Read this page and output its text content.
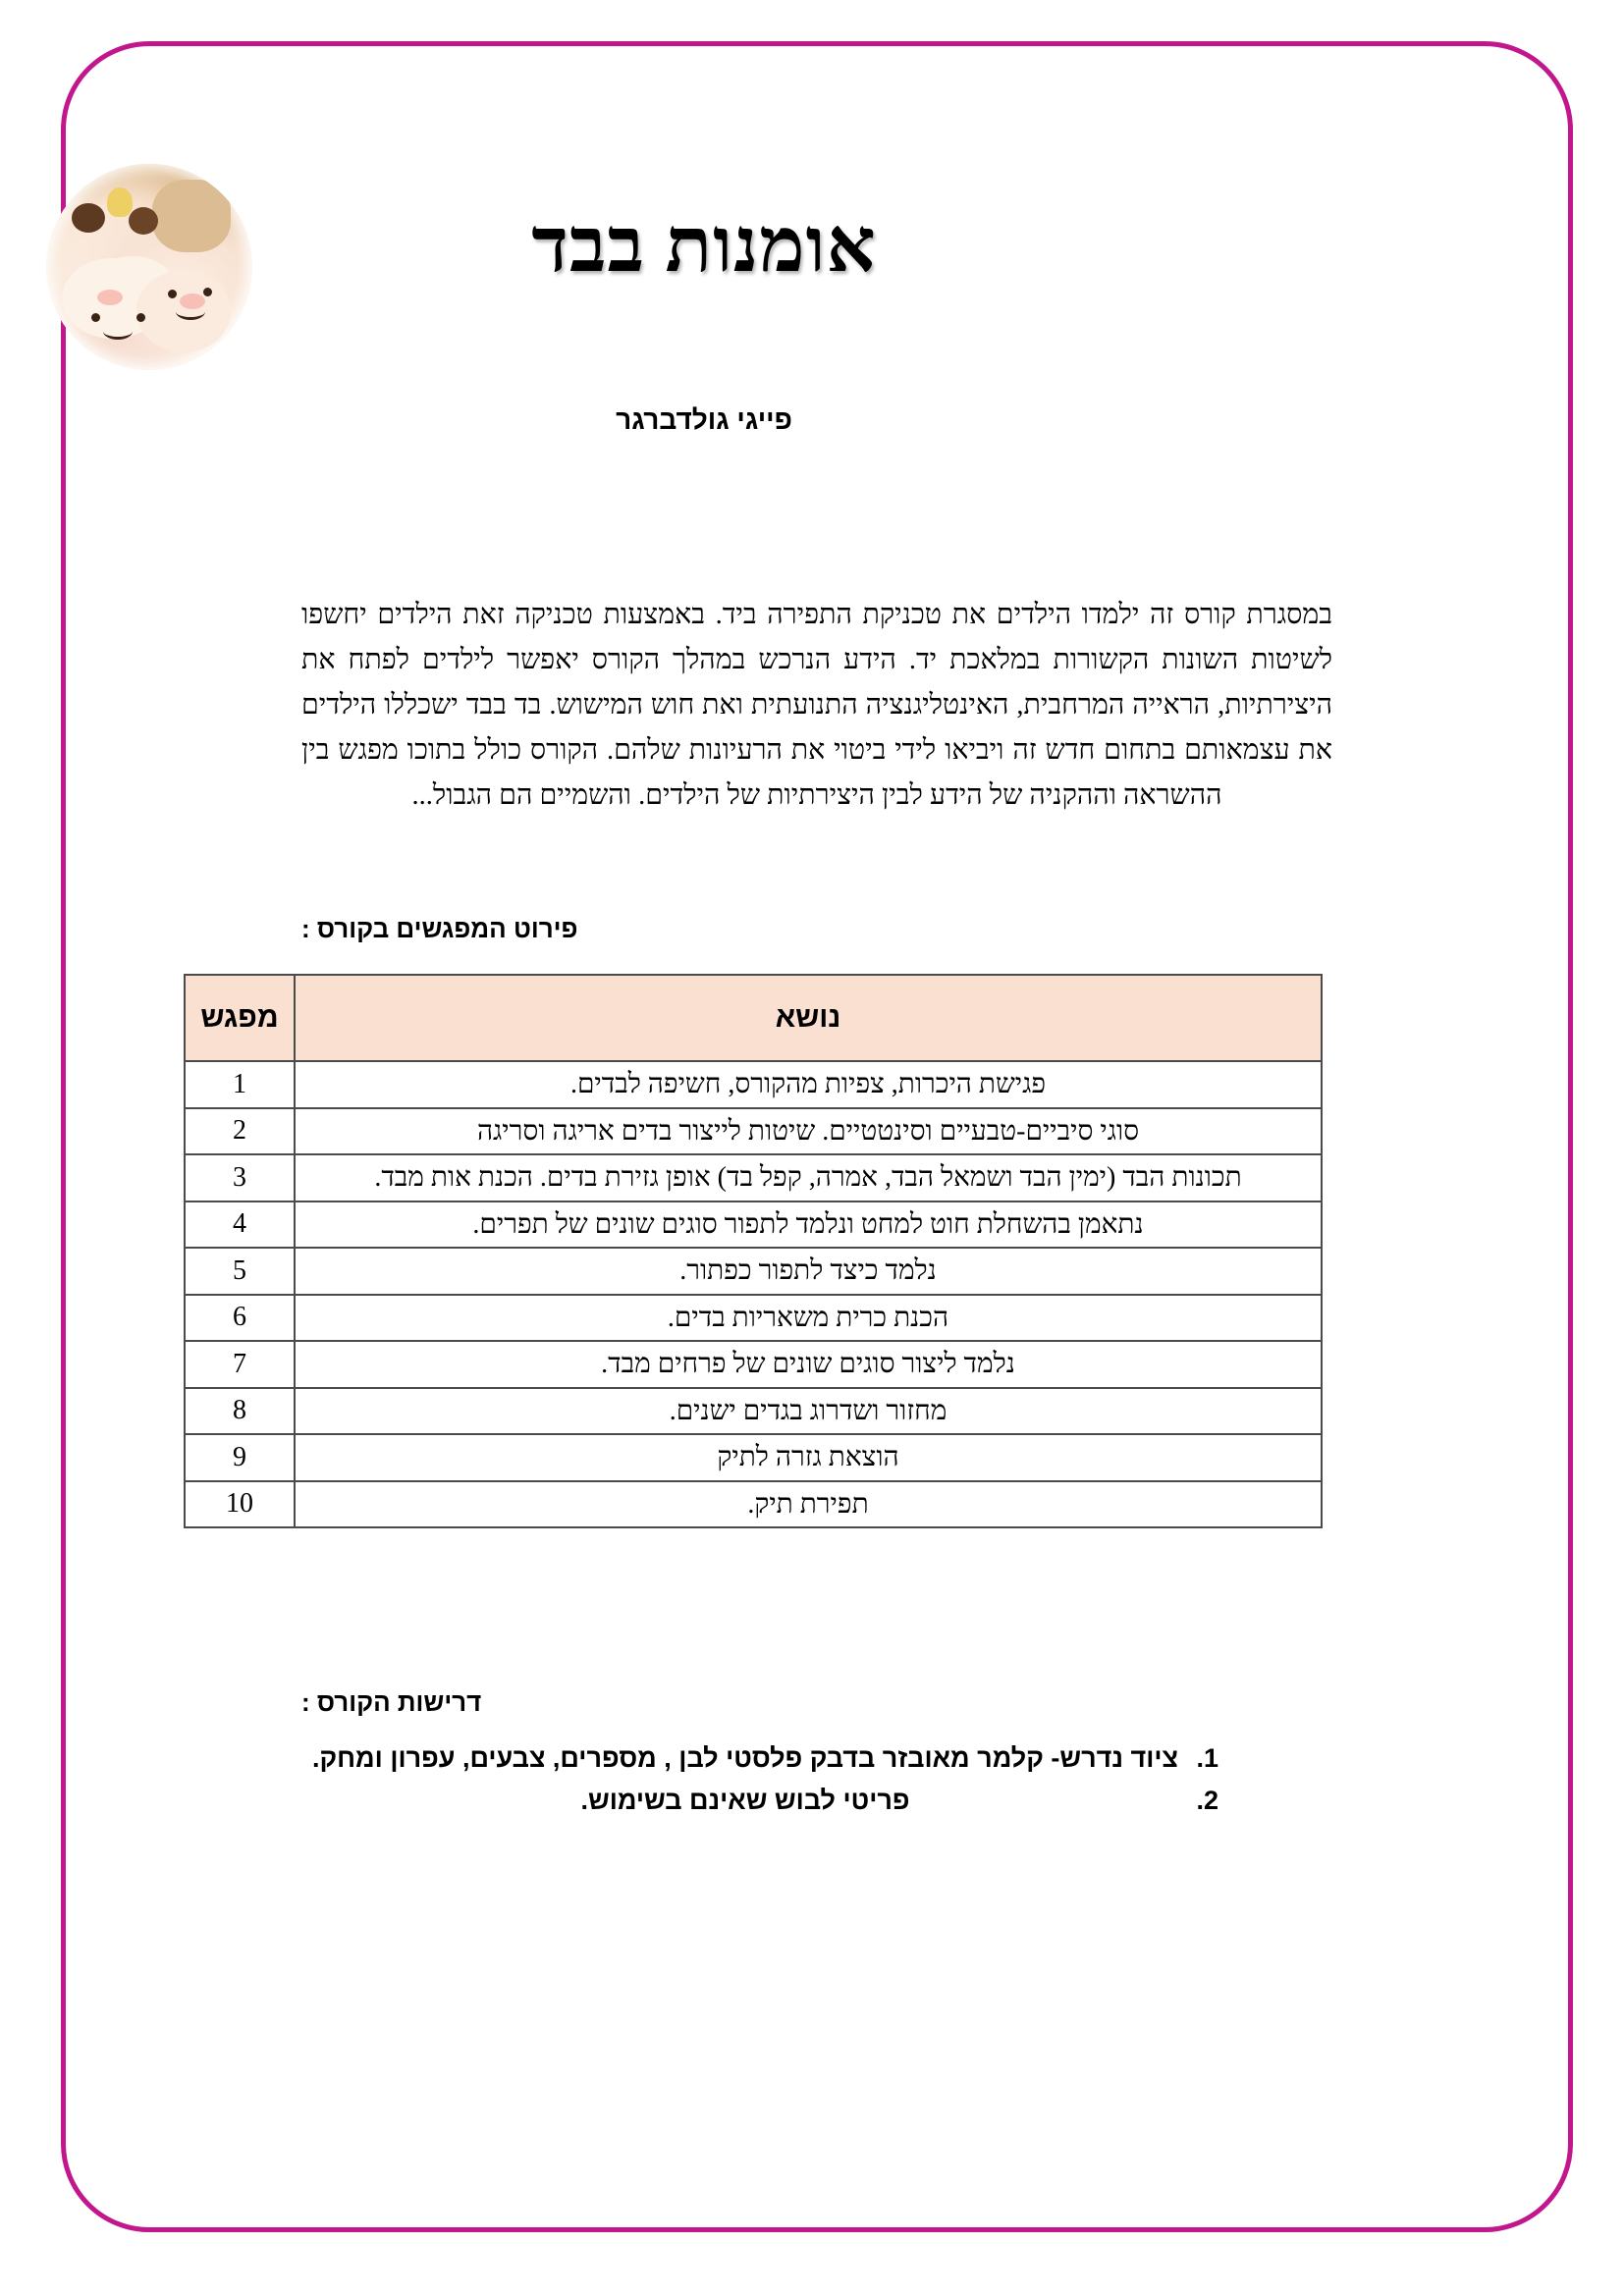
אומנות בבד
פייגי גולדברגר

במסגרת קורס זה ילמדו הילדים את טכניקת התפירה ביד. באמצעות טכניקה זאת הילדים יחשפו לשיטות השונות הקשורות במלאכת יד. הידע הנרכש במהלך הקורס יאפשר לילדים לפתח את היצירתיות, הראייה המרחבית, האינטליגנציה התנועתית ואת חוש המישוש. בד בבד ישכללו הילדים את עצמאותם בתחום חדש זה ויביאו לידי ביטוי את הרעיונות שלהם. הקורס כולל בתוכו מפגש בין ההשראה וההקניה של הידע לבין היצירתיות של הילדים. והשמיים הם הגבול...

פירוט המפגשים בקורס :
נושא	מפגש
פגישת היכרות, צפיות מהקורס, חשיפה לבדים.	1
סוגי סיביים-טבעיים וסינטטיים. שיטות לייצור בדים אריגה וסריגה	2
תכונות הבד (ימין הבד ושמאל הבד, אמרה, קפל בד) אופן גזירת בדים. הכנת אות מבד.	3
נתאמן בהשחלת חוט למחט ונלמד לתפור סוגים שונים של תפרים.	4
נלמד כיצד לתפור כפתור.	5
הכנת כרית משאריות בדים.	6
נלמד ליצור סוגים שונים של פרחים מבד.	7
מחזור ושדרוג בגדים ישנים.	8
הוצאת גזרה לתיק	9
תפירת תיק.	10
דרישות הקורס :
1. ציוד נדרש- קלמר מאובזר בדבק פלסטי לבן , מספרים, צבעים, עפרון ומחק.
2. פריטי לבוש שאינם בשימוש.
